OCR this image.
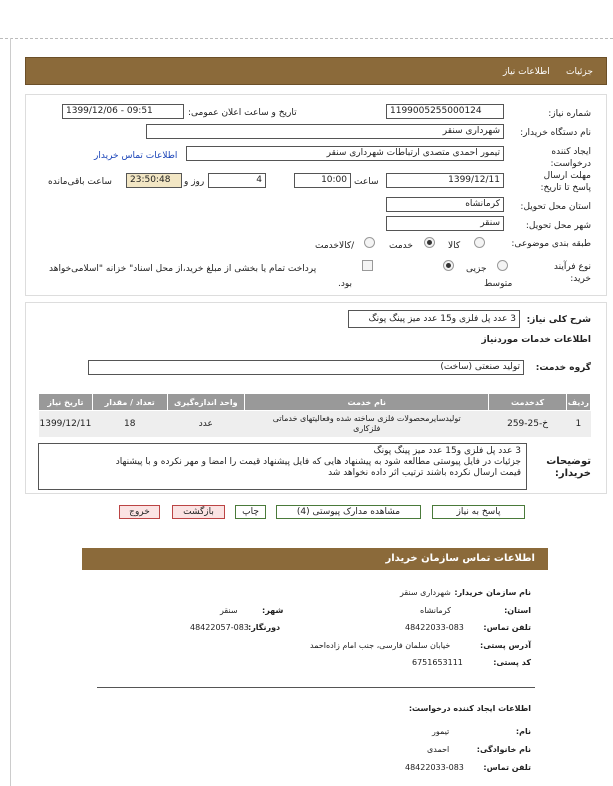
جزئیات
اطلاعات نیاز
شماره نیاز:
1199005255000124
تاریخ و ساعت اعلان عمومی:
1399/12/06 - 09:51
نام دستگاه خریدار:
شهرداری سنقر
ایجاد کننده درخواست:
تیمور احمدی متصدی ارتباطات شهرداری سنقر
اطلاعات تماس خریدار
مهلت ارسال پاسخ تا تاریخ:
1399/12/11
ساعت
10:00
4
روز و
23:50:48
ساعت باقی‌مانده
استان محل تحویل:
کرمانشاه
شهر محل تحویل:
سنقر
طبقه بندی موضوعی:
کالا
خدمت
/کالاخدمت
نوع فرآیند خرید:
جزیی
متوسط
پرداخت تمام یا بخشی از مبلغ خرید،از محل اسناد" خزانه "اسلامی‌خواهد
بود.
شرح کلی نیاز:
3 عدد پل فلزی و15 عدد میز پینگ پونگ
اطلاعات خدمات موردنیاز
گروه خدمت:
تولید صنعتی (ساخت)
ردیف	کدخدمت	نام خدمت	واحد اندازه‌گیری	تعداد / مقدار	تاریخ نیاز
1	خ-25-259	تولیدسایرمحصولات فلزی ساخته شده وفعالیتهای خدماتی فلزکاری	عدد	18	1399/12/11
توضیحات خریدار:
3 عدد پل فلزی و15 عدد میز پینگ پونگ
جزئیات در فایل پیوستی مطالعه شود به پیشنهاد هایی که فایل پیشنهاد قیمت را امضا و مهر نکرده و با پیشنهاد
قیمت ارسال نکرده باشند ترتیب اثر داده نخواهد شد
پاسخ به نیاز
مشاهده مدارک پیوستی (4)
چاپ
بازگشت
خروج
اطلاعات تماس سازمان خریدار
نام سازمان خریدار:
شهرداری سنقر
استان:
کرمانشاه
شهر:
سنقر
تلفن تماس:
48422033-083
دورنگار:
48422057-083
آدرس پستی:
خیابان سلمان فارسی، جنب امام زاده‌احمد
کد پستی:
6751653111
اطلاعات ایجاد کننده درخواست:
نام:
تیمور
نام خانوادگی:
احمدی
تلفن تماس:
48422033-083
